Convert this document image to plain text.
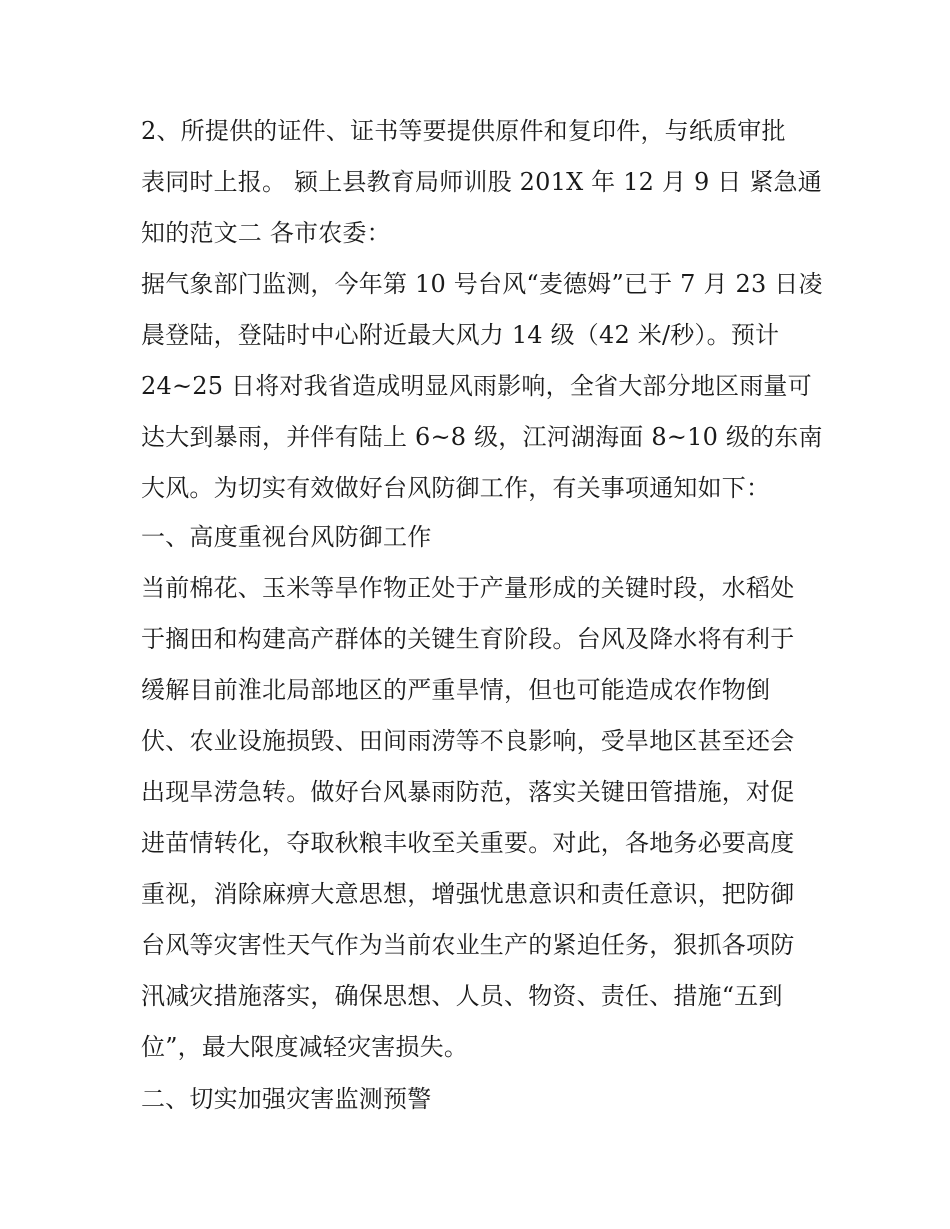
2、所提供的证件、证书等要提供原件和复印件，与纸质审批
表同时上报。 颍上县教育局师训股 201X 年 12 月 9 日 紧急通
知的范文二 各市农委：
据气象部门监测，今年第 10 号台风“麦德姆”已于 7 月 23 日凌
晨登陆，登陆时中心附近最大风力 14 级（42 米/秒）。预计
24~25 日将对我省造成明显风雨影响，全省大部分地区雨量可
达大到暴雨，并伴有陆上 6~8 级，江河湖海面 8~10 级的东南
大风。为切实有效做好台风防御工作，有关事项通知如下：
一、高度重视台风防御工作
当前棉花、玉米等旱作物正处于产量形成的关键时段，水稻处
于搁田和构建高产群体的关键生育阶段。台风及降水将有利于
缓解目前淮北局部地区的严重旱情，但也可能造成农作物倒
伏、农业设施损毁、田间雨涝等不良影响，受旱地区甚至还会
出现旱涝急转。做好台风暴雨防范，落实关键田管措施，对促
进苗情转化，夺取秋粮丰收至关重要。对此，各地务必要高度
重视，消除麻痹大意思想，增强忧患意识和责任意识，把防御
台风等灾害性天气作为当前农业生产的紧迫任务，狠抓各项防
汛减灾措施落实，确保思想、人员、物资、责任、措施“五到
位”，最大限度减轻灾害损失。
二、切实加强灾害监测预警
